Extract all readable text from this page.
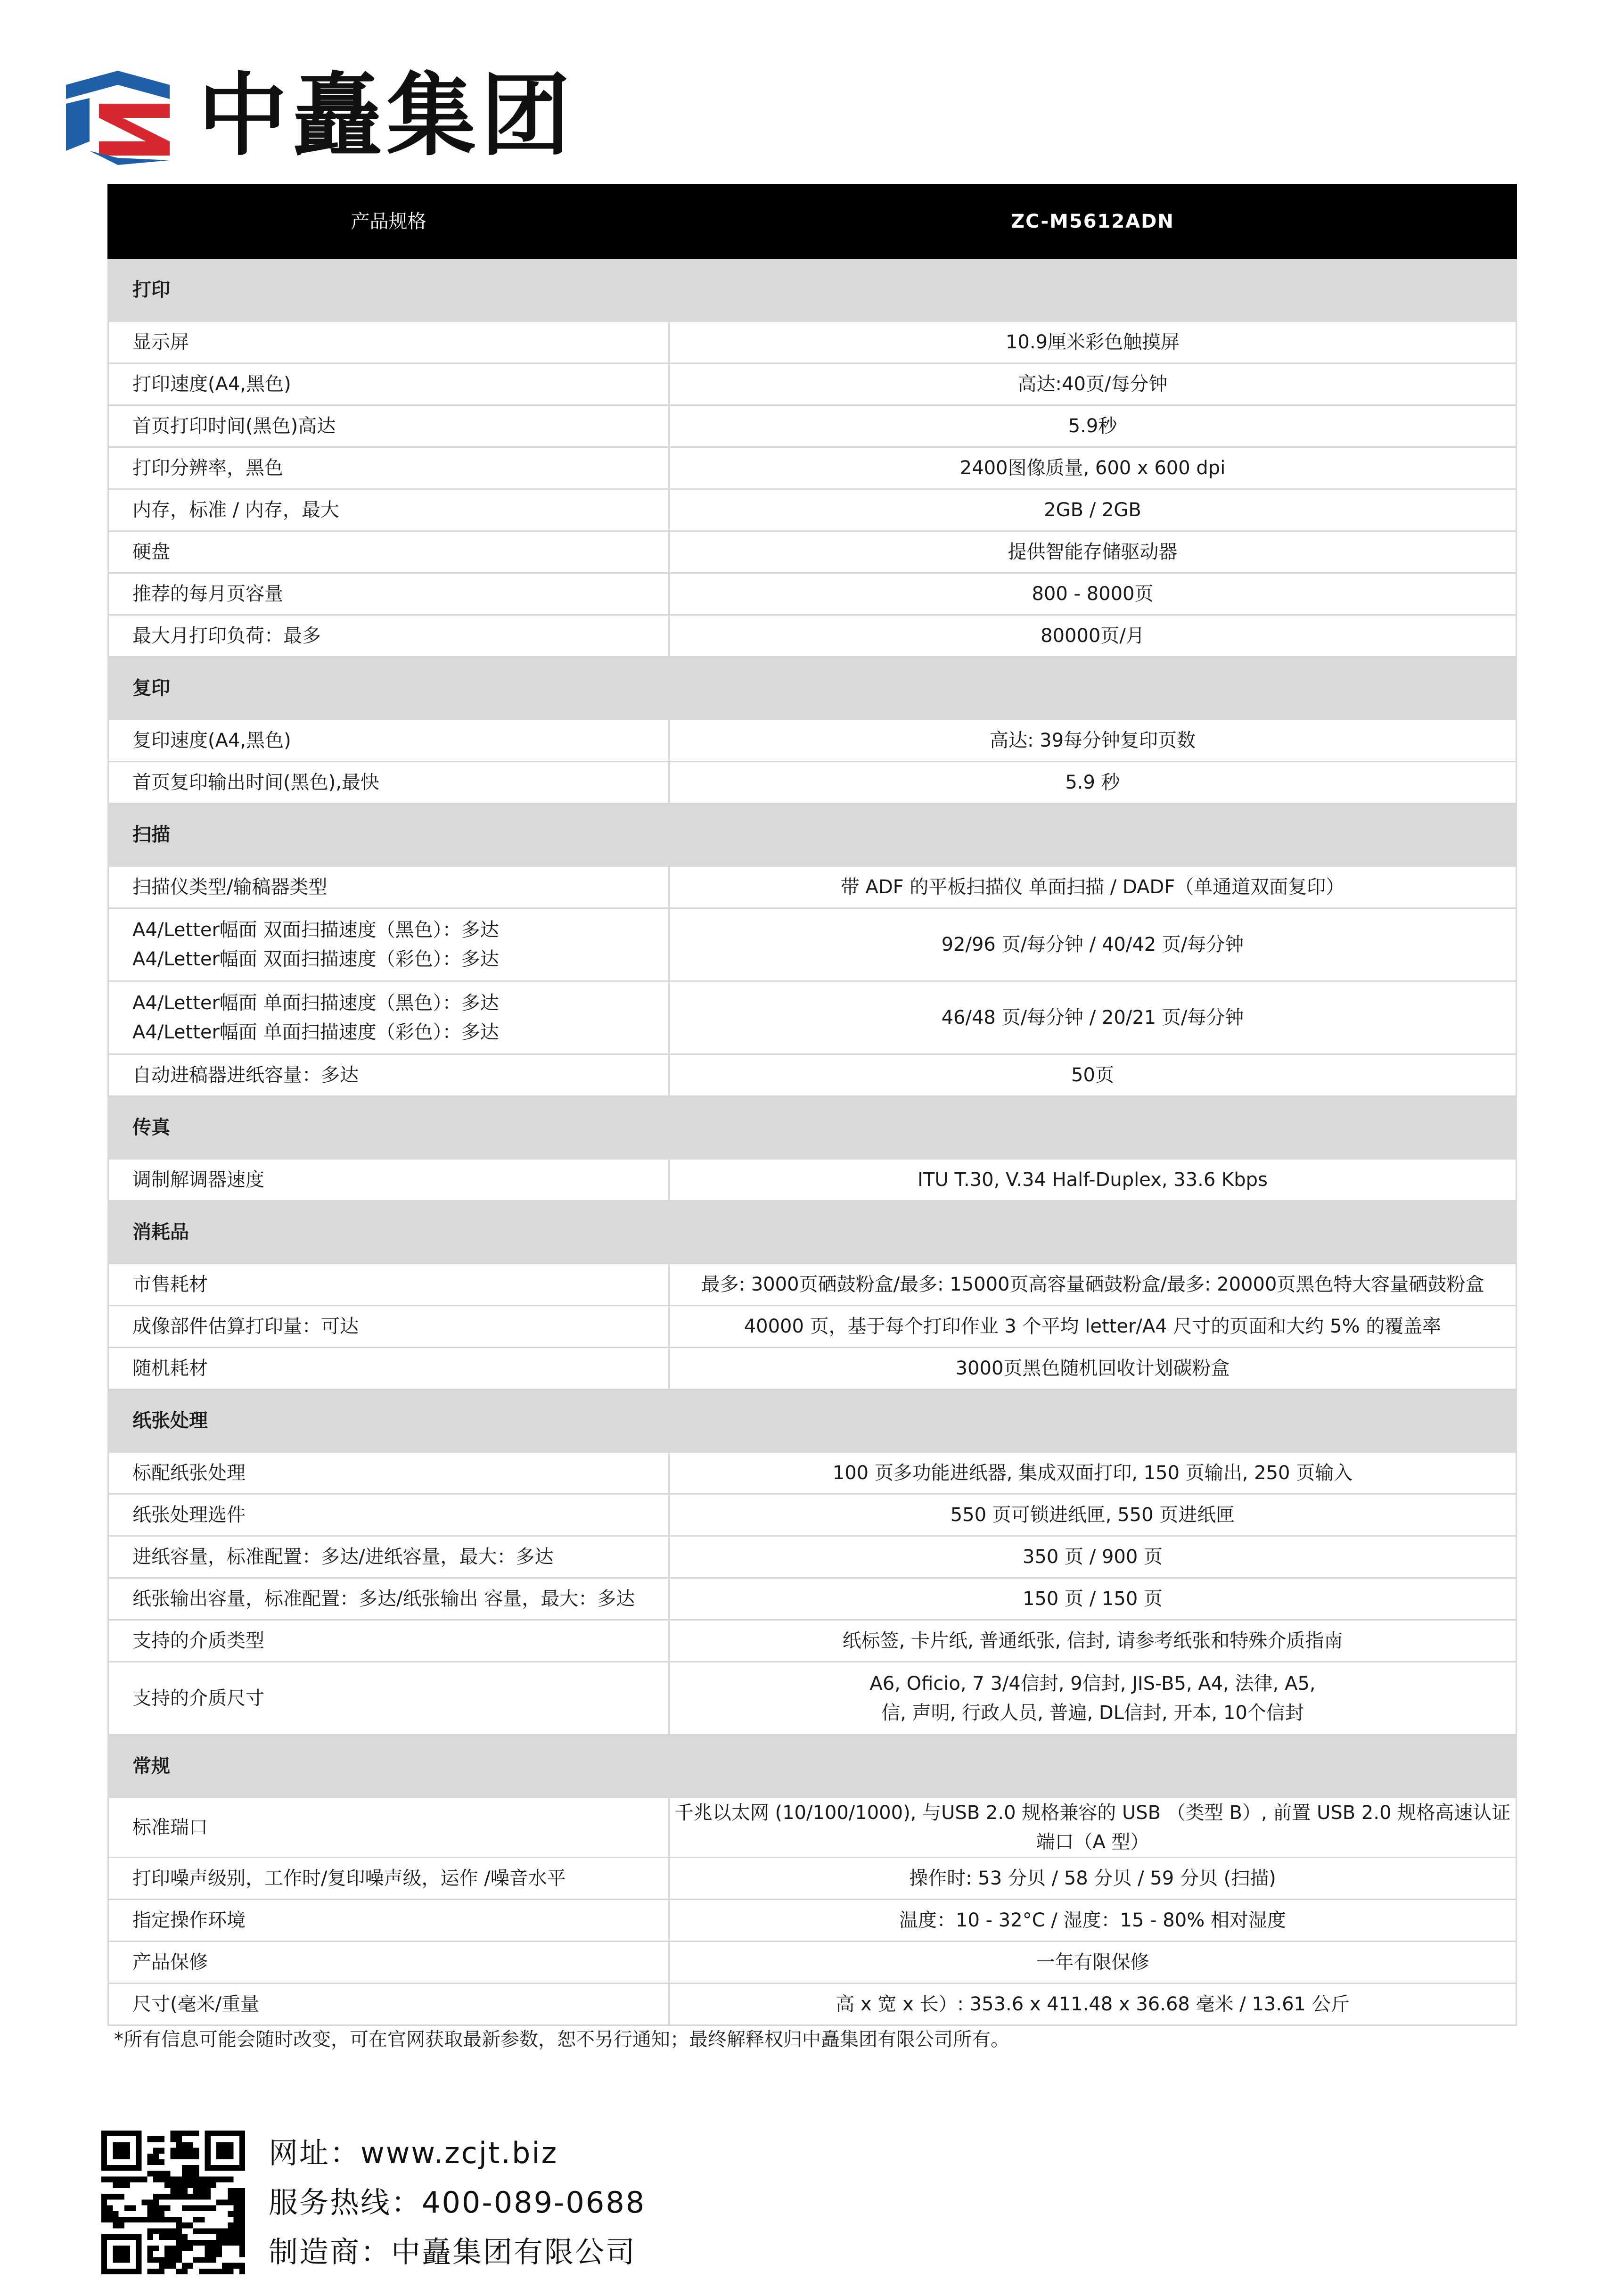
中矗集团
产品规格	ZC-M5612ADN
打印	

显示屏	10.9厘米彩色触摸屏

打印速度(A4,黑色)	高达:40页/每分钟

首页打印时间(黑色)高达	5.9秒

打印分辨率，黑色	2400图像质量, 600 x 600 dpi

内存，标准 / 内存，最大	2GB / 2GB

硬盘	提供智能存储驱动器

推荐的每月页容量	800 - 8000页

最大月打印负荷：最多	80000页/月

复印	

复印速度(A4,黑色)	高达: 39每分钟复印页数

首页复印输出时间(黑色),最快	5.9 秒

扫描	

扫描仪类型/输稿器类型	带 ADF 的平板扫描仪 单面扫描 / DADF（单通道双面复印）

A4/Letter幅面 双面扫描速度（黑色）：多达
A4/Letter幅面 双面扫描速度（彩色）：多达	92/96 页/每分钟 / 40/42 页/每分钟

A4/Letter幅面 单面扫描速度（黑色）：多达
A4/Letter幅面 单面扫描速度（彩色）：多达	46/48 页/每分钟 / 20/21 页/每分钟

自动进稿器进纸容量：多达	50页

传真	

调制解调器速度	ITU T.30, V.34 Half-Duplex, 33.6 Kbps

消耗品	

市售耗材	最多: 3000页硒鼓粉盒/最多: 15000页高容量硒鼓粉盒/最多: 20000页黑色特大容量硒鼓粉盒

成像部件估算打印量：可达	40000 页，基于每个打印作业 3 个平均 letter/A4 尺寸的页面和大约 5% 的覆盖率

随机耗材	3000页黑色随机回收计划碳粉盒

纸张处理	

标配纸张处理	100 页多功能进纸器, 集成双面打印, 150 页输出, 250 页输入

纸张处理选件	550 页可锁进纸匣, 550 页进纸匣

进纸容量，标准配置：多达/进纸容量，最大：多达	350 页 / 900 页

纸张输出容量，标准配置：多达/纸张输出 容量，最大：多达	150 页 / 150 页

支持的介质类型	纸标签, 卡片纸, 普通纸张, 信封, 请参考纸张和特殊介质指南

支持的介质尺寸	A6, Oficio, 7 3/4信封, 9信封, JIS-B5, A4, 法律, A5,
信, 声明, 行政人员, 普遍, DL信封, 开本, 10个信封

常规	

标准瑞口	千兆以太网 (10/100/1000), 与USB 2.0 规格兼容的 USB （类型 B）, 前置 USB 2.0 规格高速认证端口（A 型）

打印噪声级别，工作时/复印噪声级，运作 /噪音水平	操作时: 53 分贝 / 58 分贝 / 59 分贝 (扫描)

指定操作环境	温度：10 - 32°C / 湿度：15 - 80% 相对湿度

产品保修	一年有限保修

尺寸(毫米/重量	高 x 宽 x 长）: 353.6 x 411.48 x 36.68 毫米 / 13.61 公斤
*所有信息可能会随时改变，可在官网获取最新参数，恕不另行通知；最终解释权归中矗集团有限公司所有。
网址：www.zcjt.biz
服务热线：400-089-0688
制造商：中矗集团有限公司
